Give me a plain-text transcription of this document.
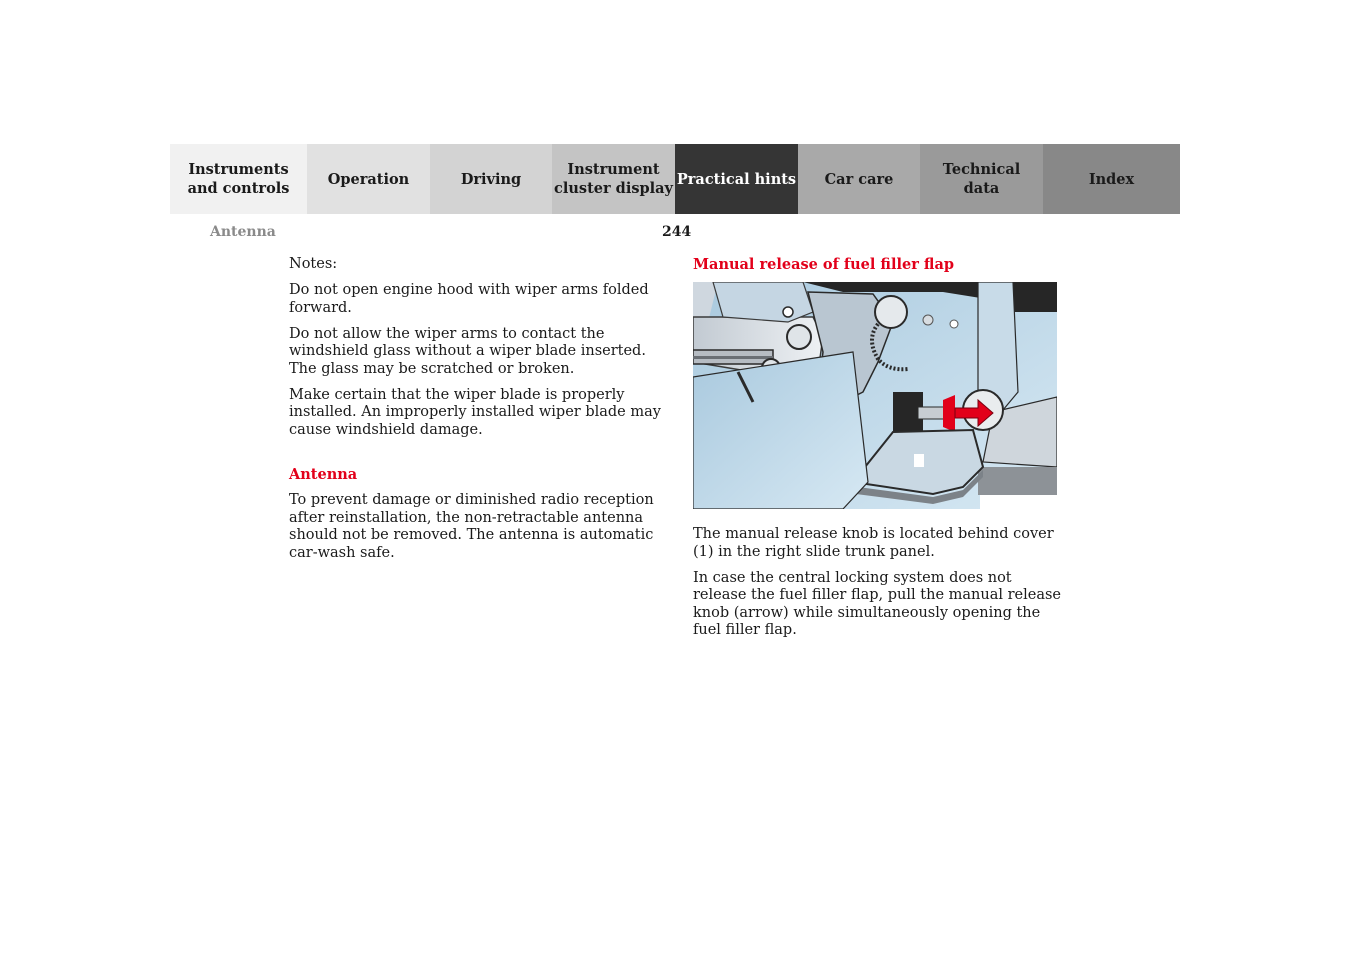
Instruments
and controls
Operation	Driving
Instrument
cluster display
Practical hints	Car care
Technical
data
Index
Antenna	244

Notes:

Do not open engine hood with wiper arms folded forward.

Do not allow the wiper arms to contact the windshield glass without a wiper blade inserted. The glass may be scratched or broken.

Make certain that the wiper blade is properly installed. An improperly installed wiper blade may cause windshield damage.

Antenna

To prevent damage or diminished radio reception after reinstallation, the non-retractable antenna should not be removed. The antenna is automatic car-wash safe.

Manual release of fuel filler flap

The manual release knob is located behind cover (1) in the right slide trunk panel.

In case the central locking system does not release the fuel filler flap, pull the manual release knob (arrow) while simultaneously opening the fuel filler flap.
